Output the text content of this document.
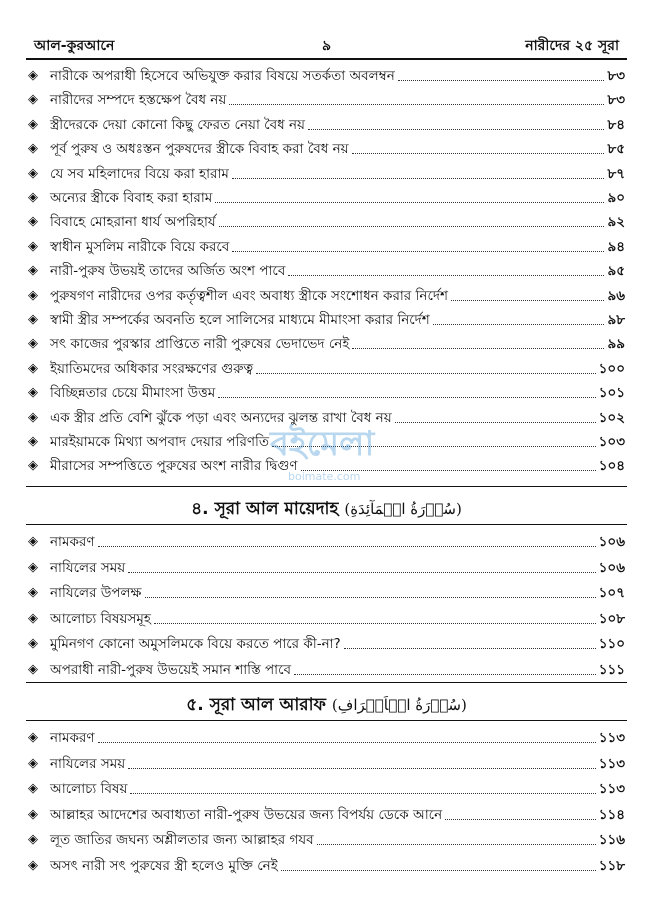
আল-কুরআনে	৯	নারীদের ২৫ সূরা
◈ নারীকে অপরাধী হিসেবে অভিযুক্ত করার বিষয়ে সতর্কতা অবলম্বন	৮৩
◈ নারীদের সম্পদে হস্তক্ষেপ বৈধ নয়	৮৩
◈ স্ত্রীদেরকে দেয়া কোনো কিছু ফেরত নেয়া বৈধ নয়	৮৪
◈ পূর্ব পুরুষ ও অধঃস্তন পুরুষদের স্ত্রীকে বিবাহ করা বৈধ নয়	৮৫
◈ যে সব মহিলাদের বিয়ে করা হারাম	৮৭
◈ অন্যের স্ত্রীকে বিবাহ করা হারাম	৯০
◈ বিবাহে মোহরানা ধার্য অপরিহার্য	৯২
◈ স্বাধীন মুসলিম নারীকে বিয়ে করবে	৯৪
◈ নারী-পুরুষ উভয়ই তাদের অর্জিত অংশ পাবে	৯৫
◈ পুরুষগণ নারীদের ওপর কর্তৃত্বশীল এবং অবাধ্য স্ত্রীকে সংশোধন করার নির্দেশ	৯৬
◈ স্বামী স্ত্রীর সম্পর্কের অবনতি হলে সালিসের মাধ্যমে মীমাংসা করার নির্দেশ	৯৮
◈ সৎ কাজের পুরস্কার প্রাপ্তিতে নারী পুরুষের ভেদাভেদ নেই	৯৯
◈ ইয়াতিমদের অধিকার সংরক্ষণের গুরুত্ব	১০০
◈ বিচ্ছিন্নতার চেয়ে মীমাংসা উত্তম	১০১
◈ এক স্ত্রীর প্রতি বেশি ঝুঁকে পড়া এবং অন্যদের ঝুলন্ত রাখা বৈধ নয়	১০২
◈ মারইয়ামকে মিথ্যা অপবাদ দেয়ার পরিণতি	১০৩
◈ মীরাসের সম্পত্তিতে পুরুষের অংশ নারীর দ্বিগুণ	১০৪
৪. সূরা আল মায়েদাহ (سُوۡرَةُ الۡمَآئِدَةِ)
◈ নামকরণ	১০৬
◈ নাযিলের সময়	১০৬
◈ নাযিলের উপলক্ষ	১০৭
◈ আলোচ্য বিষয়সমূহ	১০৮
◈ মুমিনগণ কোনো অমুসলিমকে বিয়ে করতে পারে কী-না?	১১০
◈ অপরাধী নারী-পুরুষ উভয়েই সমান শাস্তি পাবে	১১১
৫. সূরা আল আরাফ (سُوۡرَةُ الۡاَعۡرَافِ)
◈ নামকরণ	১১৩
◈ নাযিলের সময়	১১৩
◈ আলোচ্য বিষয়	১১৩
◈ আল্লাহর আদেশের অবাধ্যতা নারী-পুরুষ উভয়ের জন্য বিপর্যয় ডেকে আনে	১১৪
◈ লূত জাতির জঘন্য অশ্লীলতার জন্য আল্লাহর গযব	১১৬
◈ অসৎ নারী সৎ পুরুষের স্ত্রী হলেও মুক্তি নেই	১১৮
বইমেলা
boimate.com
